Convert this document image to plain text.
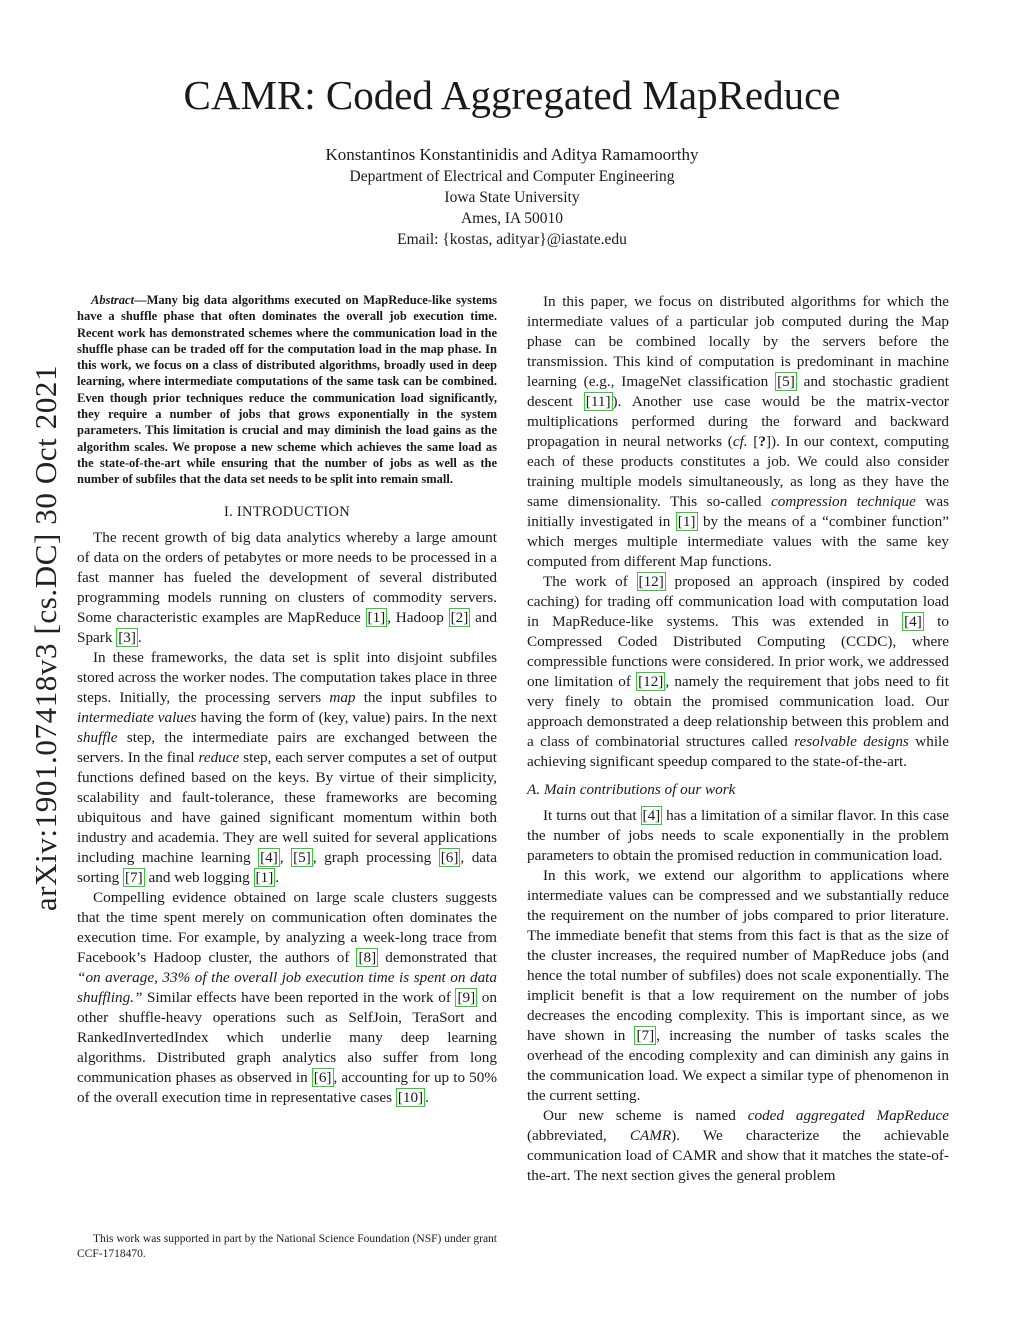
arXiv:1901.07418v3 [cs.DC] 30 Oct 2021
CAMR: Coded Aggregated MapReduce
Konstantinos Konstantinidis and Aditya Ramamoorthy
Department of Electrical and Computer Engineering
Iowa State University
Ames, IA 50010
Email: {kostas, adityar}@iastate.edu

Abstract—Many big data algorithms executed on MapReduce-like systems have a shuffle phase that often dominates the overall job execution time. Recent work has demonstrated schemes where the communication load in the shuffle phase can be traded off for the computation load in the map phase. In this work, we focus on a class of distributed algorithms, broadly used in deep learning, where intermediate computations of the same task can be combined. Even though prior techniques reduce the communication load significantly, they require a number of jobs that grows exponentially in the system parameters. This limitation is crucial and may diminish the load gains as the algorithm scales. We propose a new scheme which achieves the same load as the state-of-the-art while ensuring that the number of jobs as well as the number of subfiles that the data set needs to be split into remain small.

I. INTRODUCTION

The recent growth of big data analytics whereby a large amount of data on the orders of petabytes or more needs to be processed in a fast manner has fueled the development of several distributed programming models running on clusters of commodity servers. Some characteristic examples are MapReduce [1] , Hadoop [2] and Spark [3] .

In these frameworks, the data set is split into disjoint subfiles stored across the worker nodes. The computation takes place in three steps. Initially, the processing servers map the input subfiles to intermediate values having the form of (key, value) pairs. In the next shuffle step, the intermediate pairs are exchanged between the servers. In the final reduce step, each server computes a set of output functions defined based on the keys. By virtue of their simplicity, scalability and fault-tolerance, these frameworks are becoming ubiquitous and have gained significant momentum within both industry and academia. They are well suited for several applications including machine learning [4] , [5] , graph processing [6] , data sorting [7] and web logging [1] .

Compelling evidence obtained on large scale clusters suggests that the time spent merely on communication often dominates the execution time. For example, by analyzing a week-long trace from Facebook’s Hadoop cluster, the authors of [8] demonstrated that “on average, 33% of the overall job execution time is spent on data shuffling.” Similar effects have been reported in the work of [9] on other shuffle-heavy operations such as SelfJoin, TeraSort and RankedInvertedIndex which underlie many deep learning algorithms. Distributed graph analytics also suffer from long communication phases as observed in [6] , accounting for up to 50% of the overall execution time in representative cases [10] .

This work was supported in part by the National Science Foundation (NSF) under grant CCF-1718470.

In this paper, we focus on distributed algorithms for which the intermediate values of a particular job computed during the Map phase can be combined locally by the servers before the transmission. This kind of computation is predominant in machine learning (e.g., ImageNet classification [5] and stochastic gradient descent [11] ). Another use case would be the matrix-vector multiplications performed during the forward and backward propagation in neural networks (cf. [?]). In our context, computing each of these products constitutes a job. We could also consider training multiple models simultaneously, as long as they have the same dimensionality. This so-called compression technique was initially investigated in [1] by the means of a “combiner function” which merges multiple intermediate values with the same key computed from different Map functions.

The work of [12] proposed an approach (inspired by coded caching) for trading off communication load with computation load in MapReduce-like systems. This was extended in [4] to Compressed Coded Distributed Computing (CCDC), where compressible functions were considered. In prior work, we addressed one limitation of [12] , namely the requirement that jobs need to fit very finely to obtain the promised communication load. Our approach demonstrated a deep relationship between this problem and a class of combinatorial structures called resolvable designs while achieving significant speedup compared to the state-of-the-art.

A. Main contributions of our work

It turns out that [4] has a limitation of a similar flavor. In this case the number of jobs needs to scale exponentially in the problem parameters to obtain the promised reduction in communication load.

In this work, we extend our algorithm to applications where intermediate values can be compressed and we substantially reduce the requirement on the number of jobs compared to prior literature. The immediate benefit that stems from this fact is that as the size of the cluster increases, the required number of MapReduce jobs (and hence the total number of subfiles) does not scale exponentially. The implicit benefit is that a low requirement on the number of jobs decreases the encoding complexity. This is important since, as we have shown in [7] , increasing the number of tasks scales the overhead of the encoding complexity and can diminish any gains in the communication load. We expect a similar type of phenomenon in the current setting.

Our new scheme is named coded aggregated MapReduce (abbreviated, CAMR). We characterize the achievable communication load of CAMR and show that it matches the state-of-the-art. The next section gives the general problem
